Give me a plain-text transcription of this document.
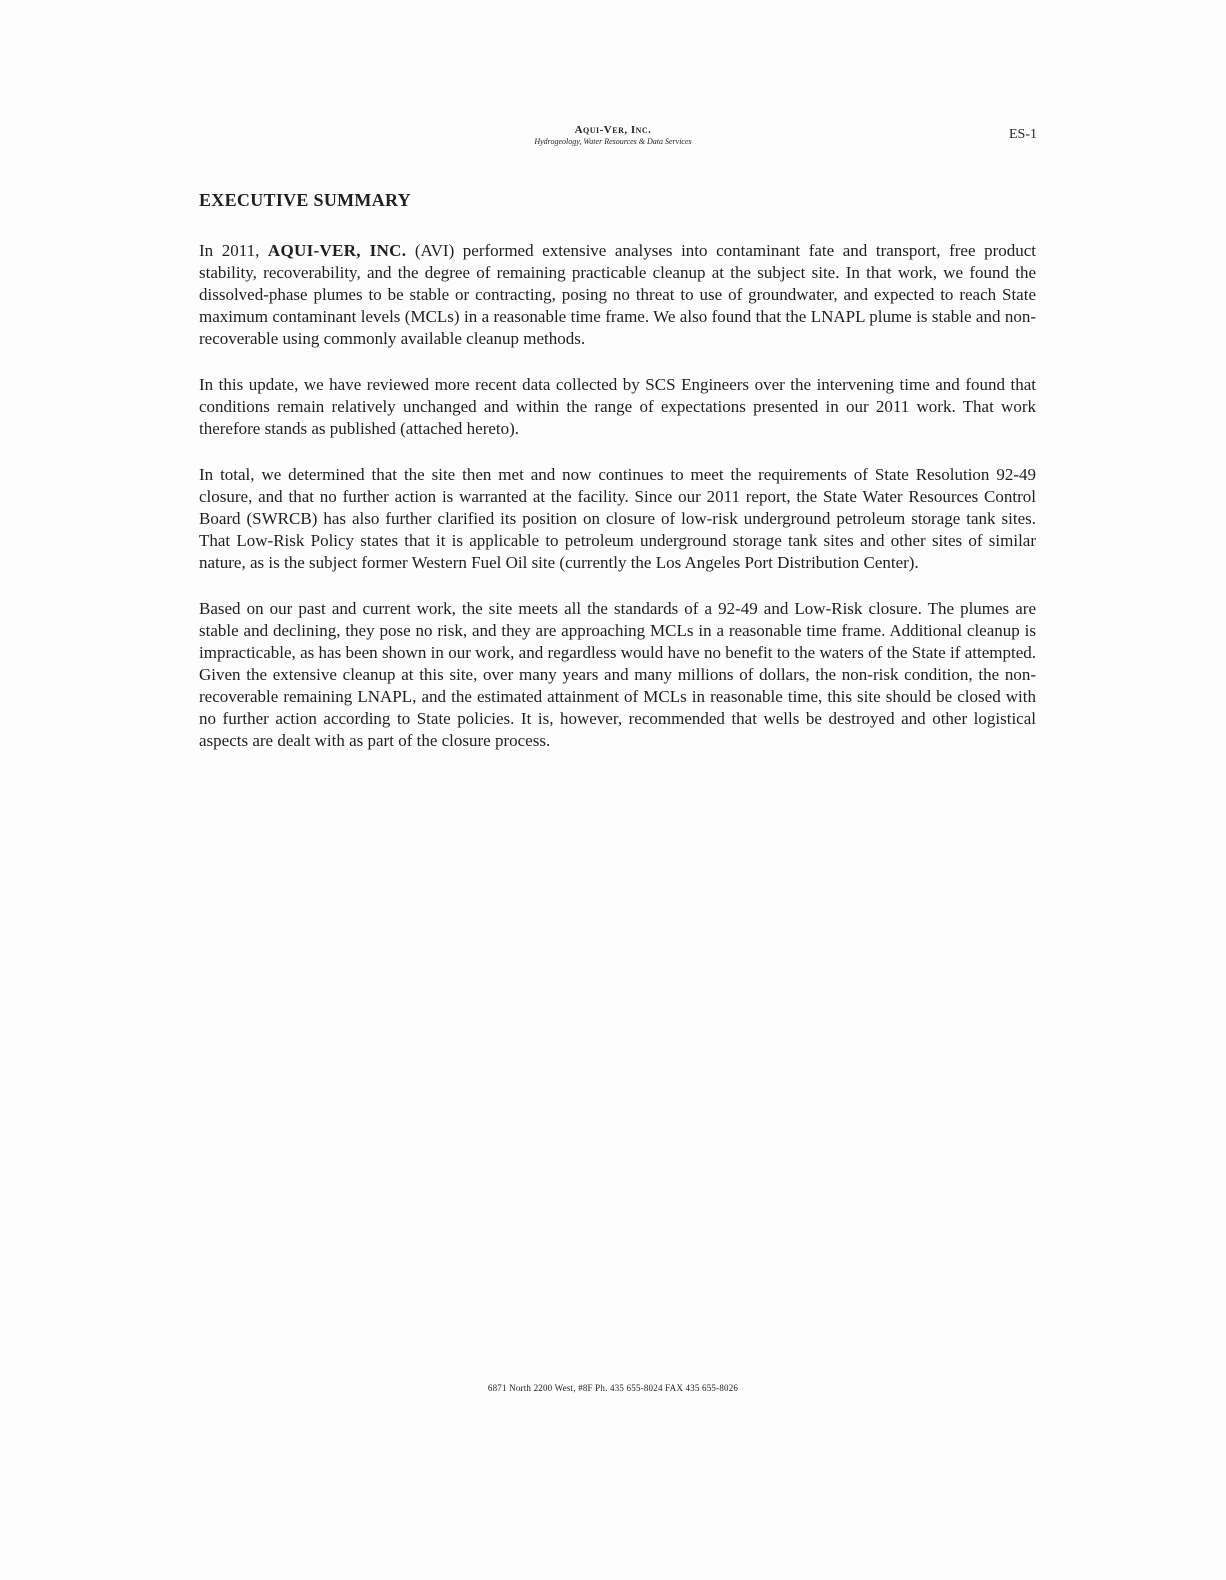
Aqui-Ver, Inc.
Hydrogeology, Water Resources & Data Services	ES-1
EXECUTIVE SUMMARY

In 2011, AQUI-VER, INC. (AVI) performed extensive analyses into contaminant fate and transport, free product stability, recoverability, and the degree of remaining practicable cleanup at the subject site. In that work, we found the dissolved-phase plumes to be stable or contracting, posing no threat to use of groundwater, and expected to reach State maximum contaminant levels (MCLs) in a reasonable time frame. We also found that the LNAPL plume is stable and non-recoverable using commonly available cleanup methods.

In this update, we have reviewed more recent data collected by SCS Engineers over the intervening time and found that conditions remain relatively unchanged and within the range of expectations presented in our 2011 work. That work therefore stands as published (attached hereto).

In total, we determined that the site then met and now continues to meet the requirements of State Resolution 92-49 closure, and that no further action is warranted at the facility. Since our 2011 report, the State Water Resources Control Board (SWRCB) has also further clarified its position on closure of low-risk underground petroleum storage tank sites. That Low-Risk Policy states that it is applicable to petroleum underground storage tank sites and other sites of similar nature, as is the subject former Western Fuel Oil site (currently the Los Angeles Port Distribution Center).

Based on our past and current work, the site meets all the standards of a 92-49 and Low-Risk closure. The plumes are stable and declining, they pose no risk, and they are approaching MCLs in a reasonable time frame. Additional cleanup is impracticable, as has been shown in our work, and regardless would have no benefit to the waters of the State if attempted. Given the extensive cleanup at this site, over many years and many millions of dollars, the non-risk condition, the non-recoverable remaining LNAPL, and the estimated attainment of MCLs in reasonable time, this site should be closed with no further action according to State policies. It is, however, recommended that wells be destroyed and other logistical aspects are dealt with as part of the closure process.

6871 North 2200 West, #8F Ph. 435 655-8024 FAX 435 655-8026
